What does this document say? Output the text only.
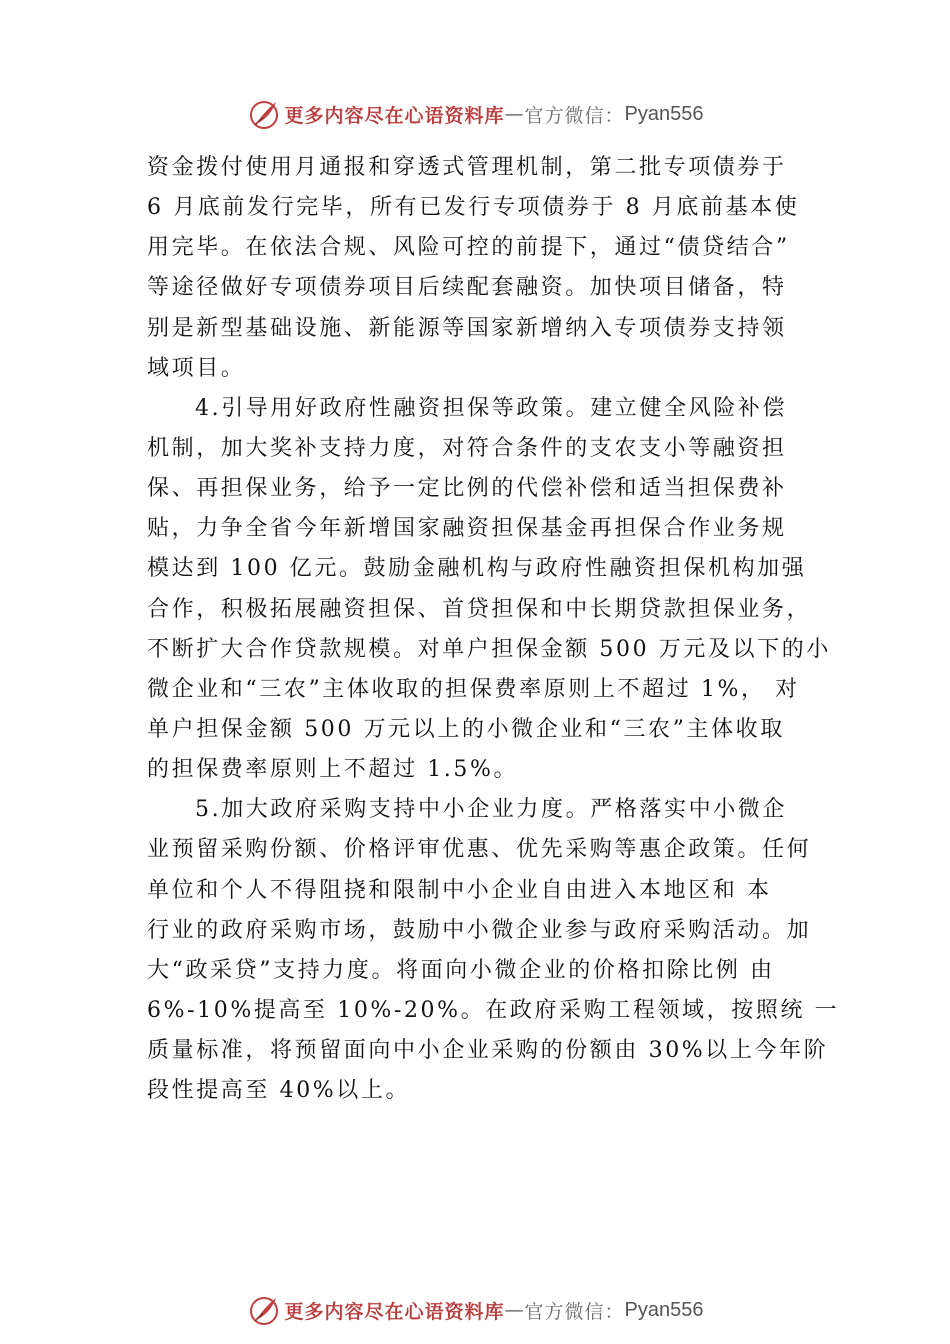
更多内容尽在心语资料库 — 官方微信： Pyan556
资金拨付使用月通报和穿透式管理机制，第二批专项债券于
6 月底前发行完毕，所有已发行专项债券于 8 月底前基本使
用完毕。在依法合规、风险可控的前提下，通过“债贷结合”
等途径做好专项债券项目后续配套融资。加快项目储备，特
别是新型基础设施、新能源等国家新增纳入专项债券支持领
域项目。
4.引导用好政府性融资担保等政策。建立健全风险补偿
机制，加大奖补支持力度，对符合条件的支农支小等融资担
保、再担保业务，给予一定比例的代偿补偿和适当担保费补
贴，力争全省今年新增国家融资担保基金再担保合作业务规
模达到 100 亿元。鼓励金融机构与政府性融资担保机构加强
合作，积极拓展融资担保、首贷担保和中长期贷款担保业务，
不断扩大合作贷款规模。对单户担保金额 500 万元及以下的小
微企业和“三农”主体收取的担保费率原则上不超过 1%， 对
单户担保金额 500 万元以上的小微企业和“三农”主体收取
的担保费率原则上不超过 1.5%。
5.加大政府采购支持中小企业力度。严格落实中小微企
业预留采购份额、价格评审优惠、优先采购等惠企政策。任何
单位和个人不得阻挠和限制中小企业自由进入本地区和 本
行业的政府采购市场，鼓励中小微企业参与政府采购活动。加
大“政采贷”支持力度。将面向小微企业的价格扣除比例 由
6%-10%提高至 10%-20%。在政府采购工程领域，按照统 一
质量标准，将预留面向中小企业采购的份额由 30%以上今年阶
段性提高至 40%以上。
更多内容尽在心语资料库 — 官方微信： Pyan556
